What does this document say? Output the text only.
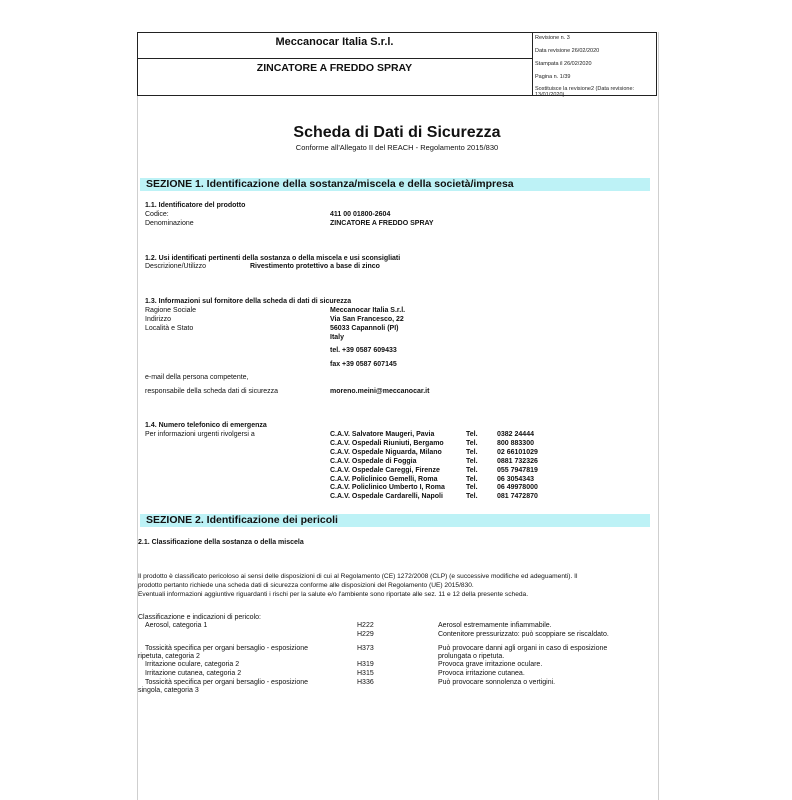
Meccanocar Italia S.r.l.
ZINCATORE A FREDDO SPRAY
Revisione n. 3
Data revisione 26/02/2020
Stampata il 26/02/2020
Pagina n. 1/39
Sostituisce la revisione2 (Data revisione:
13/01/2020)
Scheda di Dati di Sicurezza
Conforme all'Allegato II del REACH - Regolamento 2015/830
SEZIONE 1. Identificazione della sostanza/miscela e della società/impresa
1.1. Identificatore del prodotto
Codice:	411 00 01800-2604
Denominazione	ZINCATORE A FREDDO SPRAY
1.2. Usi identificati pertinenti della sostanza o della miscela e usi sconsigliati
Descrizione/Utilizzo	Rivestimento protettivo a base di zinco
1.3. Informazioni sul fornitore della scheda di dati di sicurezza
Ragione Sociale	Meccanocar Italia S.r.l.
Indirizzo	Via San Francesco, 22
Località e Stato	56033 Capannoli (PI)
Italy
tel. +39 0587 609433
fax +39 0587 607145
e-mail della persona competente,
responsabile della scheda dati di sicurezza	moreno.meini@meccanocar.it
1.4. Numero telefonico di emergenza
Per informazioni urgenti rivolgersi a	C.A.V. Salvatore Maugeri, Pavia	Tel.	0382 24444
C.A.V. Ospedali Riuniuti, Bergamo	Tel.	800 883300
C.A.V. Ospedale Niguarda, Milano	Tel.	02 66101029
C.A.V. Ospedale di Foggia	Tel.	0881 732326
C.A.V. Ospedale Careggi, Firenze	Tel.	055 7947819
C.A.V. Policlinico Gemelli, Roma	Tel.	06 3054343
C.A.V. Policlinico Umberto I, Roma	Tel.	06 49978000
C.A.V. Ospedale Cardarelli, Napoli	Tel.	081 7472870
SEZIONE 2. Identificazione dei pericoli
2.1. Classificazione della sostanza o della miscela
Il prodotto è classificato pericoloso ai sensi delle disposizioni di cui al Regolamento (CE) 1272/2008 (CLP) (e successive modifiche ed adeguamenti). Il
prodotto pertanto richiede una scheda dati di sicurezza conforme alle disposizioni del Regolamento (UE) 2015/830.
Eventuali informazioni aggiuntive riguardanti i rischi per la salute e/o l'ambiente sono riportate alle sez. 11 e 12 della presente scheda.
Classificazione e indicazioni di pericolo:
Aerosol, categoria 1	H222	Aerosol estremamente infiammabile.
H229	Contenitore pressurizzato: può scoppiare se riscaldato.
Tossicità specifica per organi bersaglio - esposizione
ripetuta, categoria 2
H373	Può provocare danni agli organi in caso di esposizione
prolungata o ripetuta.
Irritazione oculare, categoria 2	H319	Provoca grave irritazione oculare.
Irritazione cutanea, categoria 2	H315	Provoca irritazione cutanea.
Tossicità specifica per organi bersaglio - esposizione
singola, categoria 3
H336	Può provocare sonnolenza o vertigini.
